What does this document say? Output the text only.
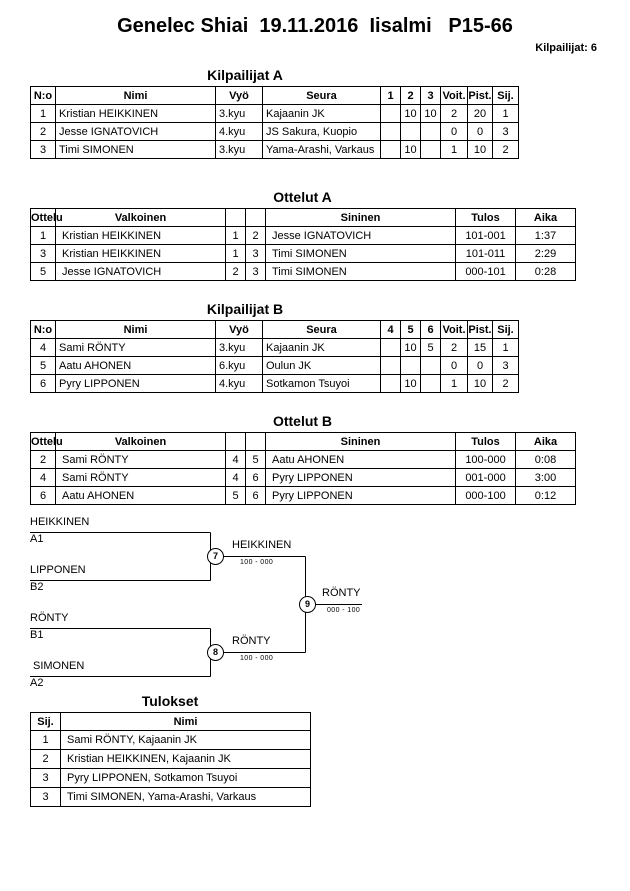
Genelec Shiai  19.11.2016  Iisalmi   P15-66
Kilpailijat: 6
Kilpailijat A
N:o	Nimi	Vyö	Seura	1	2	3	Voit.	Pist.	Sij.
1	Kristian HEIKKINEN	3.kyu	Kajaanin JK		10	10	2	20	1
2	Jesse IGNATOVICH	4.kyu	JS Sakura, Kuopio				0	0	3
3	Timi SIMONEN	3.kyu	Yama-Arashi, Varkaus		10		1	10	2
Ottelut A
Ottelu	Valkoinen			Sininen	Tulos	Aika
1	Kristian HEIKKINEN	1	2	Jesse IGNATOVICH	101-001	1:37
3	Kristian HEIKKINEN	1	3	Timi SIMONEN	101-011	2:29
5	Jesse IGNATOVICH	2	3	Timi SIMONEN	000-101	0:28
Kilpailijat B
N:o	Nimi	Vyö	Seura	4	5	6	Voit.	Pist.	Sij.
4	Sami RÖNTY	3.kyu	Kajaanin JK		10	5	2	15	1
5	Aatu AHONEN	6.kyu	Oulun JK				0	0	3
6	Pyry LIPPONEN	4.kyu	Sotkamon Tsuyoi		10		1	10	2
Ottelut B
Ottelu	Valkoinen			Sininen	Tulos	Aika
2	Sami RÖNTY	4	5	Aatu AHONEN	100-000	0:08
4	Sami RÖNTY	4	6	Pyry LIPPONEN	001-000	3:00
6	Aatu AHONEN	5	6	Pyry LIPPONEN	000-100	0:12
HEIKKINEN
A1
LIPPONEN
B2
RÖNTY
B1
SIMONEN
A2
7
8
9
HEIKKINEN
100 - 000
RÖNTY
100 - 000
RÖNTY
000 - 100
Tulokset
Sij.	Nimi
1	Sami RÖNTY, Kajaanin JK
2	Kristian HEIKKINEN, Kajaanin JK
3	Pyry LIPPONEN, Sotkamon Tsuyoi
3	Timi SIMONEN, Yama-Arashi, Varkaus
